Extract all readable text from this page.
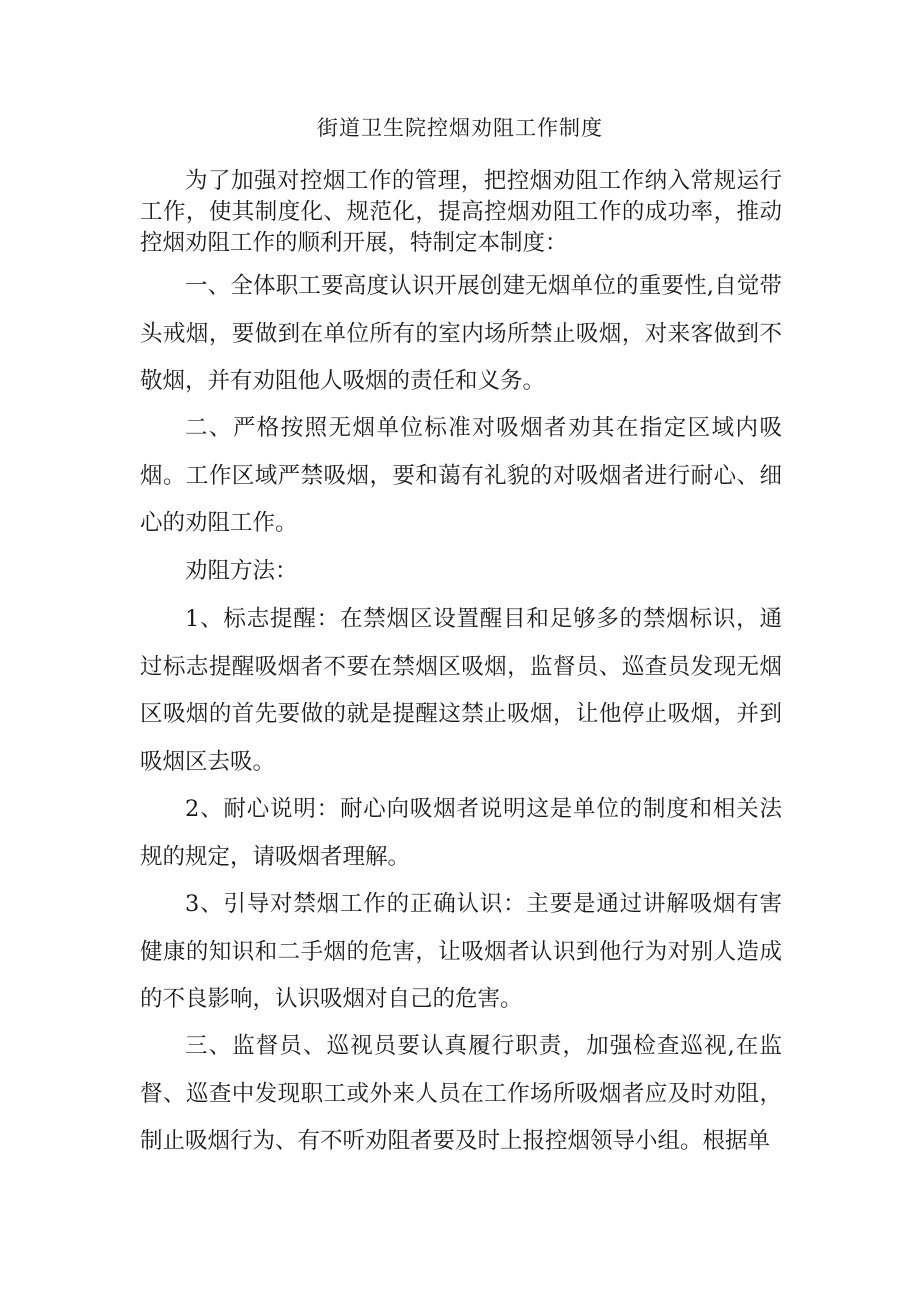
街道卫生院控烟劝阻工作制度

为了加强对控烟工作的管理，把控烟劝阻工作纳入常规运行工作，使其制度化、规范化，提高控烟劝阻工作的成功率，推动控烟劝阻工作的顺利开展，特制定本制度：

一、全体职工要高度认识开展创建无烟单位的重要性,自觉带头戒烟，要做到在单位所有的室内场所禁止吸烟，对来客做到不敬烟，并有劝阻他人吸烟的责任和义务。

二、严格按照无烟单位标准对吸烟者劝其在指定区域内吸烟。工作区域严禁吸烟，要和蔼有礼貌的对吸烟者进行耐心、细心的劝阻工作。

劝阻方法：

1、标志提醒：在禁烟区设置醒目和足够多的禁烟标识，通过标志提醒吸烟者不要在禁烟区吸烟，监督员、巡查员发现无烟区吸烟的首先要做的就是提醒这禁止吸烟，让他停止吸烟，并到吸烟区去吸。

2、耐心说明：耐心向吸烟者说明这是单位的制度和相关法规的规定，请吸烟者理解。

3、引导对禁烟工作的正确认识：主要是通过讲解吸烟有害健康的知识和二手烟的危害，让吸烟者认识到他行为对别人造成的不良影响，认识吸烟对自己的危害。

三、监督员、巡视员要认真履行职责，加强检查巡视,在监督、巡查中发现职工或外来人员在工作场所吸烟者应及时劝阻，制止吸烟行为、有不听劝阻者要及时上报控烟领导小组。根据单
